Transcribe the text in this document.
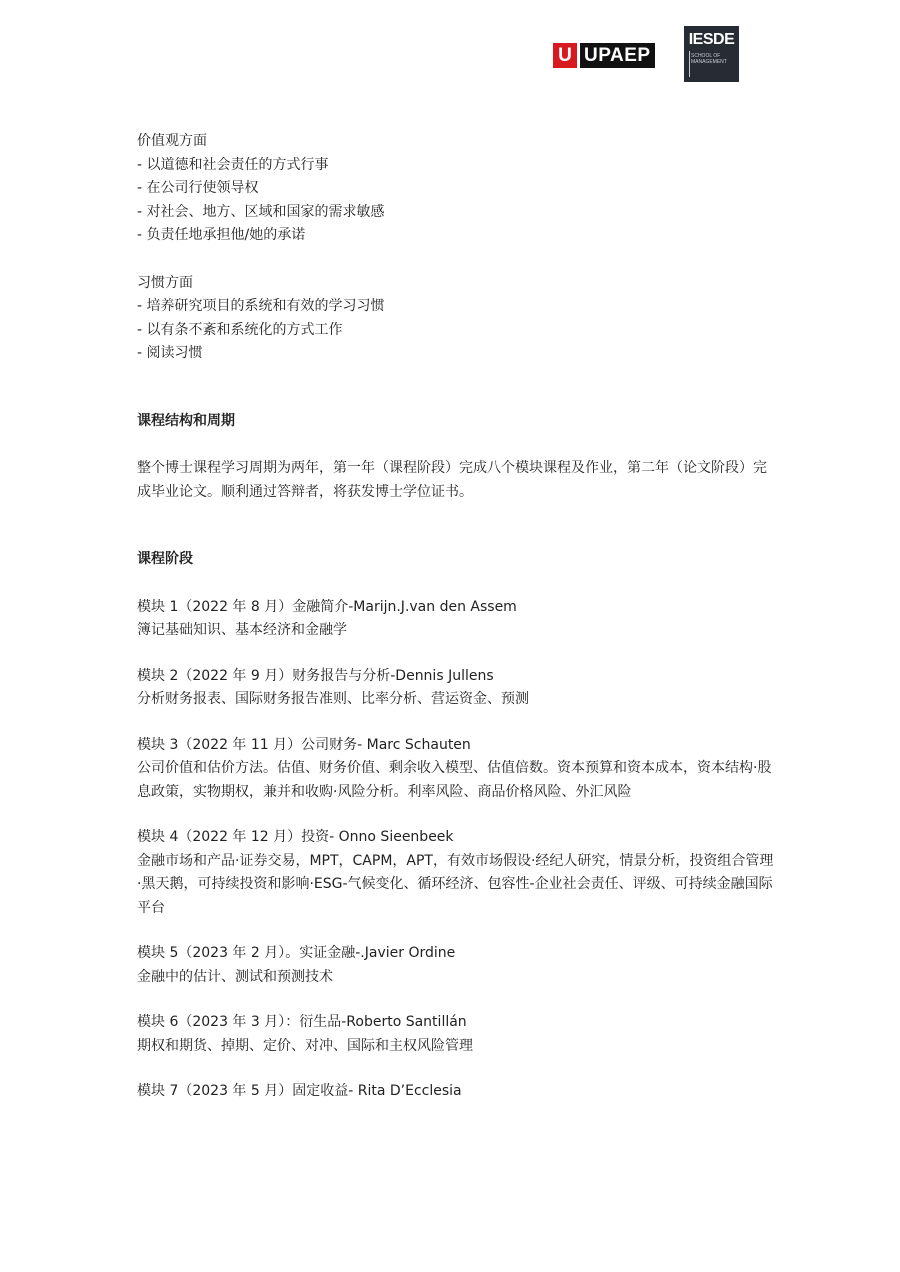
U UPAEP
IESDE
SCHOOL OF MANAGEMENT

价值观方面

- 以道德和社会责任的方式行事

- 在公司行使领导权

- 对社会、地方、区域和国家的需求敏感

- 负责任地承担他/她的承诺

习惯方面

- 培养研究项目的系统和有效的学习习惯

- 以有条不紊和系统化的方式工作

- 阅读习惯

课程结构和周期

整个博士课程学习周期为两年，第一年（课程阶段）完成八个模块课程及作业，第二年（论文阶段）完成毕业论文。顺利通过答辩者，将获发博士学位证书。

课程阶段

模块 1（2022 年 8 月）金融简介-Marijn.J.van den Assem

簿记基础知识、基本经济和金融学

模块 2（2022 年 9 月）财务报告与分析-Dennis Jullens

分析财务报表、国际财务报告准则、比率分析、营运资金、预测

模块 3（2022 年 11 月）公司财务- Marc Schauten

公司价值和估价方法。估值、财务价值、剩余收入模型、估值倍数。资本预算和资本成本，资本结构·股息政策，实物期权，兼并和收购·风险分析。利率风险、商品价格风险、外汇风险

模块 4（2022 年 12 月）投资- Onno Sieenbeek

金融市场和产品·证券交易，MPT，CAPM，APT，有效市场假设·经纪人研究，情景分析，投资组合管理·黑天鹅，可持续投资和影响·ESG-气候变化、循环经济、包容性-企业社会责任、评级、可持续金融国际平台

模块 5（2023 年 2 月）。实证金融-.Javier Ordine

金融中的估计、测试和预测技术

模块 6（2023 年 3 月）：衍生品-Roberto Santillán

期权和期货、掉期、定价、对冲、国际和主权风险管理

模块 7（2023 年 5 月）固定收益- Rita D’Ecclesia
